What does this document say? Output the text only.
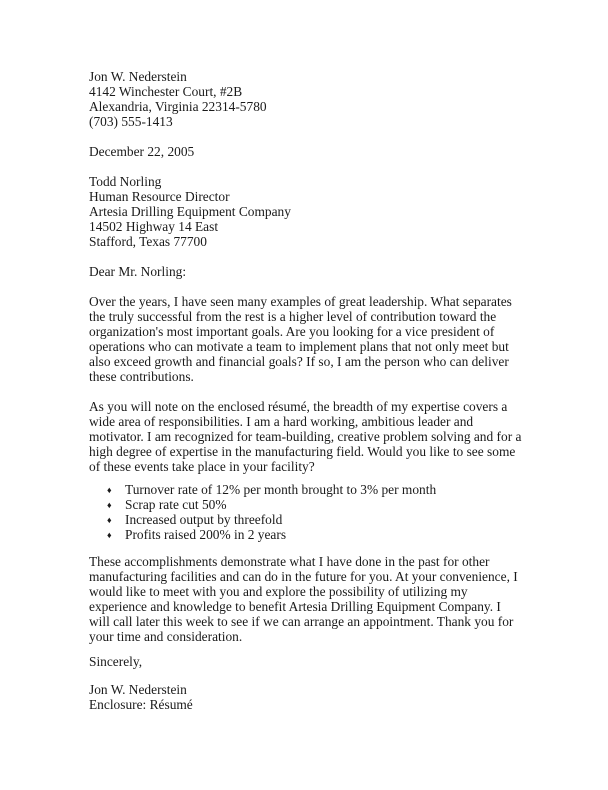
Jon W. Nederstein
4142 Winchester Court, #2B
Alexandria, Virginia 22314-5780
(703) 555-1413
December 22, 2005
Todd Norling
Human Resource Director
Artesia Drilling Equipment Company
14502 Highway 14 East
Stafford, Texas 77700
Dear Mr. Norling:
Over the years, I have seen many examples of great leadership. What separates
the truly successful from the rest is a higher level of contribution toward the
organization's most important goals. Are you looking for a vice president of
operations who can motivate a team to implement plans that not only meet but
also exceed growth and financial goals? If so, I am the person who can deliver
these contributions.
As you will note on the enclosed résumé, the breadth of my expertise covers a
wide area of responsibilities. I am a hard working, ambitious leader and
motivator. I am recognized for team-building, creative problem solving and for a
high degree of expertise in the manufacturing field. Would you like to see some
of these events take place in your facility?
♦ Turnover rate of 12% per month brought to 3% per month
♦ Scrap rate cut 50%
♦ Increased output by threefold
♦ Profits raised 200% in 2 years
These accomplishments demonstrate what I have done in the past for other
manufacturing facilities and can do in the future for you. At your convenience, I
would like to meet with you and explore the possibility of utilizing my
experience and knowledge to benefit Artesia Drilling Equipment Company. I
will call later this week to see if we can arrange an appointment. Thank you for
your time and consideration.
Sincerely,
Jon W. Nederstein
Enclosure: Résumé
